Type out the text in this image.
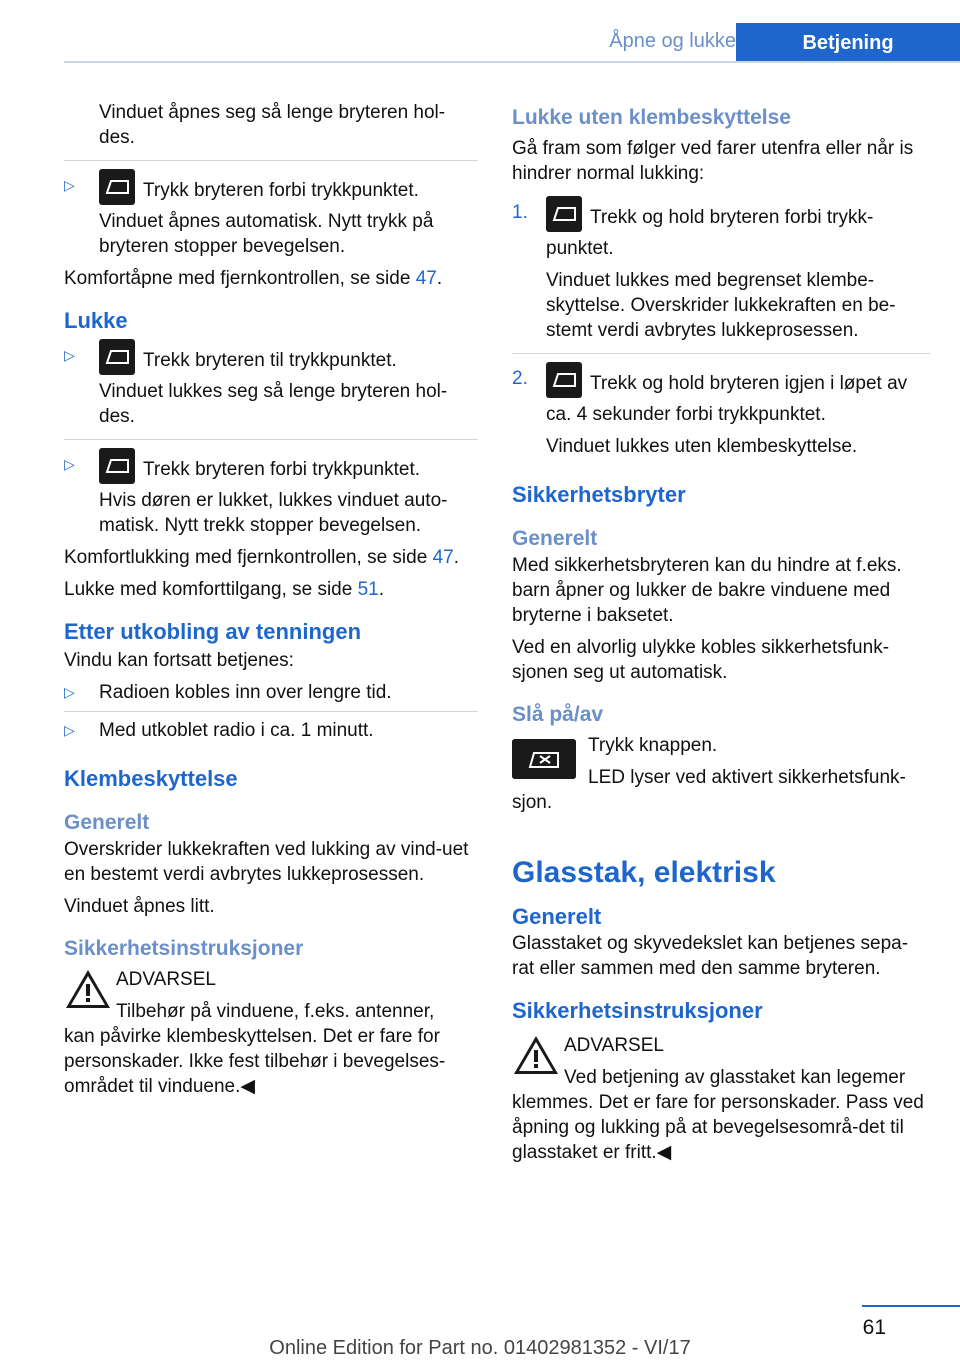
Åpne og lukke	Betjening

Vinduet åpnes seg så lenge bryteren hol‐des.

▷	Trykk bryteren forbi trykkpunktet.

Vinduet åpnes automatisk. Nytt trykk på bryteren stopper bevegelsen.

Komfortåpne med fjernkontrollen, se side 47.

Lukke
▷	Trekk bryteren til trykkpunktet.

Vinduet lukkes seg så lenge bryteren hol‐des.

▷	Trekk bryteren forbi trykkpunktet.

Hvis døren er lukket, lukkes vinduet auto‐matisk. Nytt trekk stopper bevegelsen.

Komfortlukking med fjernkontrollen, se side 47.

Lukke med komforttilgang, se side 51.

Etter utkobling av tenningen

Vindu kan fortsatt betjenes:

▷	Radioen kobles inn over lengre tid.

▷	Med utkoblet radio i ca. 1 minutt.

Klembeskyttelse
Generelt

Overskrider lukkekraften ved lukking av vind‐uet en bestemt verdi avbrytes lukkeprosessen.

Vinduet åpnes litt.

Sikkerhetsinstruksjoner

ADVARSEL

Tilbehør på vinduene, f.eks. antenner,

kan påvirke klembeskyttelsen. Det er fare for personskader. Ikke fest tilbehør i bevegelses‐området til vinduene.◀

Lukke uten klembeskyttelse

Gå fram som følger ved farer utenfra eller når is hindrer normal lukking:

1.	Trekk og hold bryteren forbi trykk‐punktet.

Vinduet lukkes med begrenset klembe‐skyttelse. Overskrider lukkekraften en be‐stemt verdi avbrytes lukkeprosessen.

2.	Trekk og hold bryteren igjen i løpet av ca. 4 sekunder forbi trykkpunktet.

Vinduet lukkes uten klembeskyttelse.

Sikkerhetsbryter
Generelt

Med sikkerhetsbryteren kan du hindre at f.eks. barn åpner og lukker de bakre vinduene med bryterne i baksetet.

Ved en alvorlig ulykke kobles sikkerhetsfunk‐sjonen seg ut automatisk.

Slå på/av

Trykk knappen.

LED lyser ved aktivert sikkerhetsfunk‐

sjon.

Glasstak, elektrisk
Generelt

Glasstaket og skyvedekslet kan betjenes sepa‐rat eller sammen med den samme bryteren.

Sikkerhetsinstruksjoner

ADVARSEL

Ved betjening av glasstaket kan legemer

klemmes. Det er fare for personskader. Pass ved åpning og lukking på at bevegelsesområ‐det til glasstaket er fritt.◀

61
Online Edition for Part no. 01402981352 - VI/17
